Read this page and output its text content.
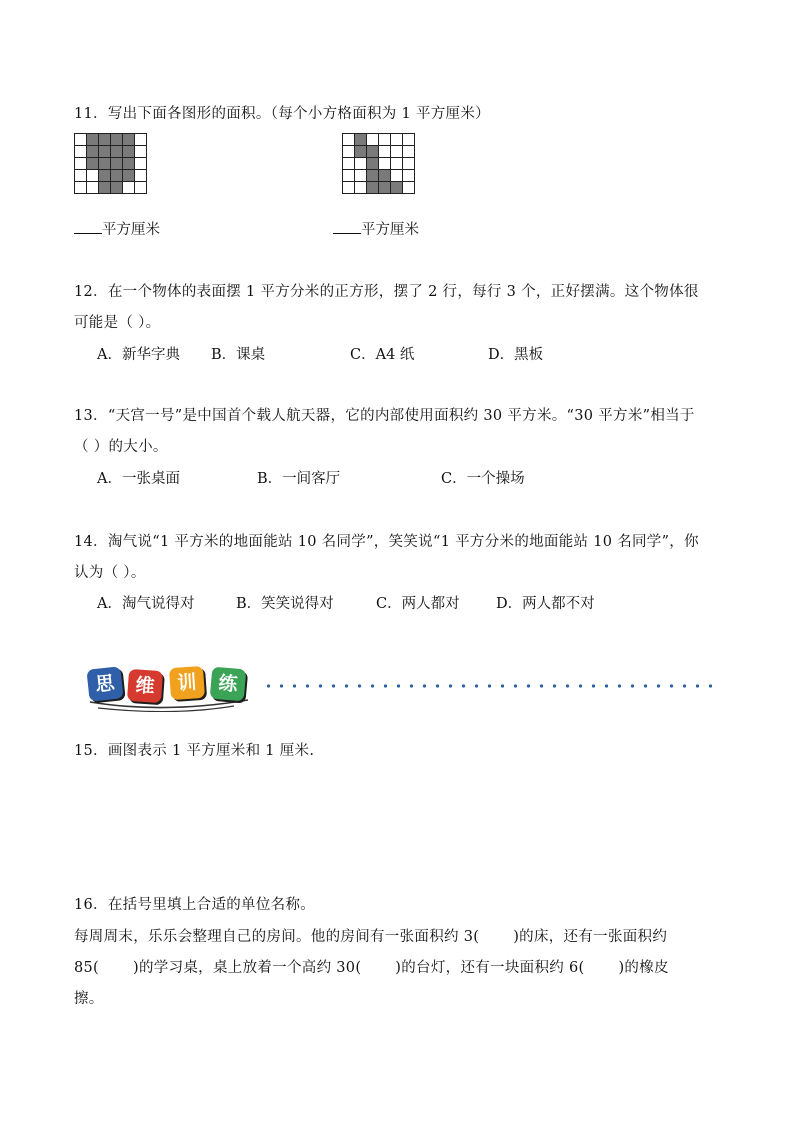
11．写出下面各图形的面积。（每个小方格面积为 1 平方厘米）

平方厘米	平方厘米
12．在一个物体的表面摆 1 平方分米的正方形，摆了 2 行，每行 3 个，正好摆满。这个物体很
可能是（ ）。
A．新华字典 B．课桌	C．A4 纸	D．黑板
13．“天宫一号”是中国首个载人航天器，它的内部使用面积约 30 平方米。“30 平方米”相当于
（ ）的大小。
A．一张桌面	B．一间客厅	C．一个操场
14．淘气说“1 平方米的地面能站 10 名同学”，笑笑说“1 平方分米的地面能站 10 名同学”，你
认为（ ）。
A．淘气说得对	B．笑笑说得对	C．两人都对	D．两人都不对
思	维	训	练
15．画图表示 1 平方厘米和 1 厘米.
16．在括号里填上合适的单位名称。
每周周末，乐乐会整理自己的房间。他的房间有一张面积约 3( )的床，还有一张面积约
85( )的学习桌，桌上放着一个高约 30( )的台灯，还有一块面积约 6( )的橡皮
擦。
